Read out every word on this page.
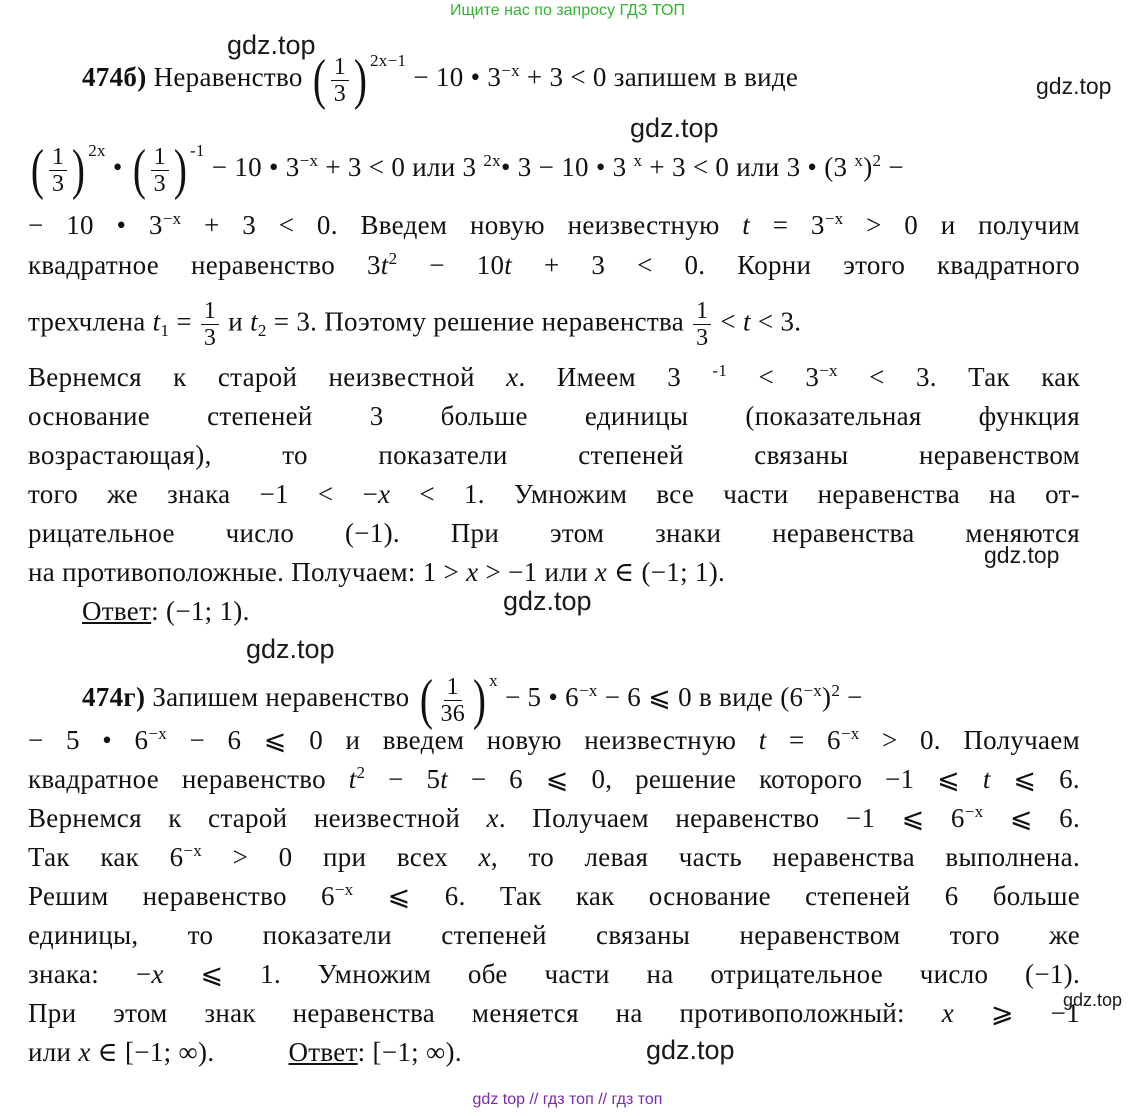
Ищите нас по запросу ГДЗ ТОП
gdz.top
gdz.top
gdz.top
gdz.top
gdz.top
gdz.top
gdz.top
gdz.top
474б) Неравенство ( $\frac{1}{3}$ ) 2x−1
− 10 • $3^{-x} + 3 < 0$ запишем в виде
( $\frac{1}{3}$ ) 2x
• ( $\frac{1}{3}$ ) -1
− 10 • $3^{-x} + 3 < 0$ или 3 $^{2x}$• 3 − 10 • 3 $^x$ + 3 < 0 или 3 • (3 $^x$)$^2$ −
− 10 • $3^{-x} + 3 < 0$. Введем новую неизвестную $t = 3^{-x} > 0$ и получим
квадратное неравенство $3t^2 - 10t + 3 < 0$. Корни этого квадратного
трехчлена $t_1 = \frac{1}{3}$ и $t_2 = 3$. Поэтому решение неравенства $\frac{1}{3} < t < 3$.
Вернемся к старой неизвестной x. Имеем 3 $^{-1} < 3^{-x} < 3$. Так как
основание степеней 3 больше единицы (показательная функция
возрастающая), то показатели степеней связаны неравенством
того же знака −1 < −x < 1. Умножим все части неравенства на от-
рицательное число (−1). При этом знаки неравенства меняются
на противоположные. Получаем: 1 > x > −1 или x ∈ (−1; 1).
Ответ: (−1; 1).
474г) Запишем неравенство ( $\frac{1}{36}$ ) x
− 5 • $6^{-x} - 6$ ⩽ 0 в виде $(6^{-x})^2$ −
− 5 • $6^{-x} - 6$ ⩽ 0 и введем новую неизвестную $t = 6^{-x} > 0$. Получаем
квадратное неравенство $t^2 - 5t - 6$ ⩽ 0, решение которого −1 ⩽ t ⩽ 6.
Вернемся к старой неизвестной x. Получаем неравенство −1 ⩽ $6^{-x}$ ⩽ 6.
Так как $6^{-x} > 0$ при всех x, то левая часть неравенства выполнена.
Решим неравенство $6^{-x}$ ⩽ 6. Так как основание степеней 6 больше
единицы, то показатели степеней связаны неравенством того же
знака: −x ⩽ 1. Умножим обе части на отрицательное число (−1).
При этом знак неравенства меняется на противоположный: x ⩾ −1
или x ∈ [−1; ∞).	Ответ: [−1; ∞).
gdz top // гдз топ // гдз топ
